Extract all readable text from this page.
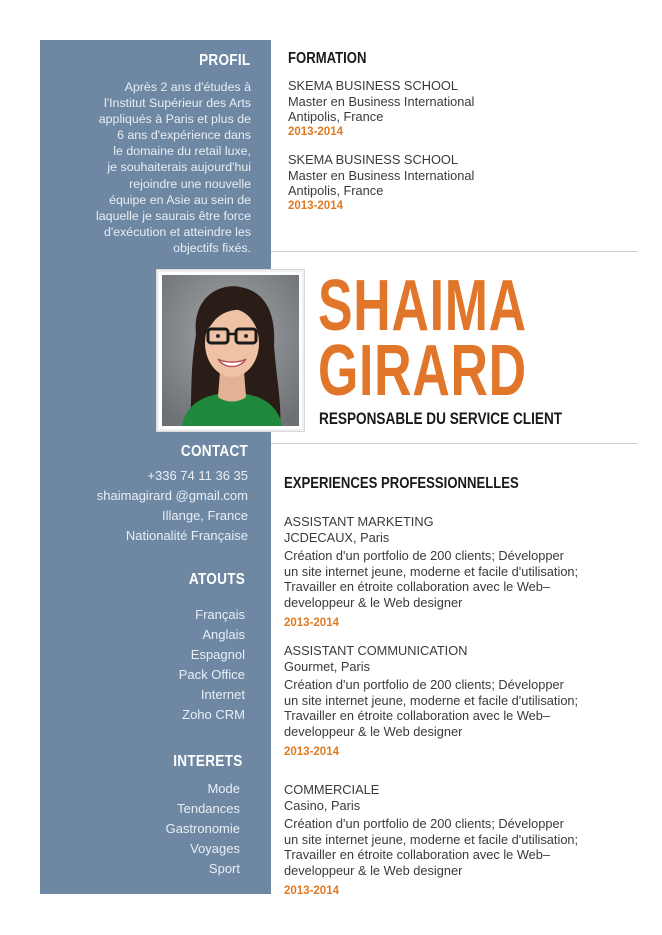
PROFIL
Après 2 ans d'études à
l'Institut Supérieur des Arts
appliqués à Paris et plus de
6 ans d'expérience dans
le domaine du retail luxe,
je souhaiterais aujourd'hui
rejoindre une nouvelle
équipe en Asie au sein de
laquelle je saurais être force
d'exécution et atteindre les
objectifs fixés.
CONTACT
+336 74 11 36 35
shaimagirard @gmail.com
Illange, France
Nationalité Française
ATOUTS
Français
Anglais
Espagnol
Pack Office
Internet
Zoho CRM
INTERETS
Mode
Tendances
Gastronomie
Voyages
Sport
FORMATION
SKEMA BUSINESS SCHOOL
Master en Business International
Antipolis, France
2013-2014
SKEMA BUSINESS SCHOOL
Master en Business International
Antipolis, France
2013-2014
SHAIMA
GIRARD
RESPONSABLE DU SERVICE CLIENT
EXPERIENCES PROFESSIONNELLES
ASSISTANT MARKETING
JCDECAUX, Paris
Création d'un portfolio de 200 clients; Développer
un site internet jeune, moderne et facile d'utilisation;
Travailler en étroite collaboration avec le Web–
developpeur & le Web designer
2013-2014
ASSISTANT COMMUNICATION
Gourmet, Paris
Création d'un portfolio de 200 clients; Développer
un site internet jeune, moderne et facile d'utilisation;
Travailler en étroite collaboration avec le Web–
developpeur & le Web designer
2013-2014
COMMERCIALE
Casino, Paris
Création d'un portfolio de 200 clients; Développer
un site internet jeune, moderne et facile d'utilisation;
Travailler en étroite collaboration avec le Web–
developpeur & le Web designer
2013-2014
